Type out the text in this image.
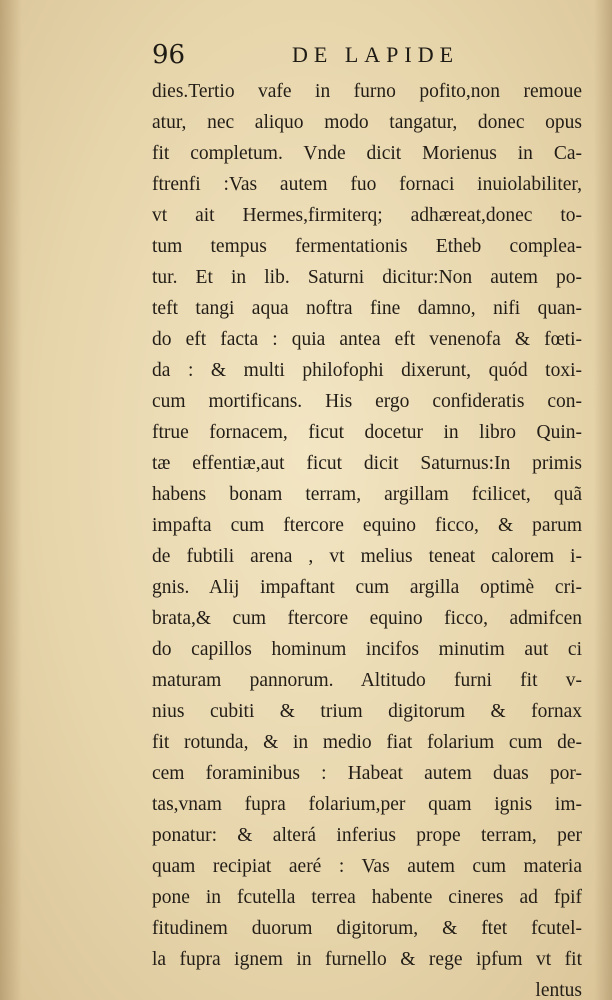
96	DE LAPIDE
dies.Tertio vafe in furno pofito,non remoue
atur, nec aliquo modo tangatur, donec opus
fit completum. Vnde dicit Morienus in Ca-
ftrenfi :Vas autem fuo fornaci inuiolabiliter,
vt ait Hermes,firmiterq; adhæreat,donec to-
tum tempus fermentationis Etheb complea-
tur. Et in lib. Saturni dicitur:Non autem po-
teft tangi aqua noftra fine damno, nifi quan-
do eft facta : quia antea eft venenofa & fœti-
da : & multi philofophi dixerunt, quód toxi-
cum mortificans. His ergo confideratis con-
ftrue fornacem, ficut docetur in libro Quin-
tæ effentiæ,aut ficut dicit Saturnus:In primis
habens bonam terram, argillam fcilicet, quã
impafta cum ftercore equino ficco, & parum
de fubtili arena , vt melius teneat calorem i-
gnis. Alij impaftant cum argilla optimè cri-
brata,& cum ftercore equino ficco, admifcen
do capillos hominum incifos minutim aut ci
maturam pannorum. Altitudo furni fit v-
nius cubiti & trium digitorum & fornax
fit rotunda, & in medio fiat folarium cum de-
cem foraminibus : Habeat autem duas por-
tas,vnam fupra folarium,per quam ignis im-
ponatur: & alterá inferius prope terram, per
quam recipiat aeré : Vas autem cum materia
pone in fcutella terrea habente cineres ad fpif
fitudinem duorum digitorum, & ftet fcutel-
la fupra ignem in furnello & rege ipfum vt fit
lentus
